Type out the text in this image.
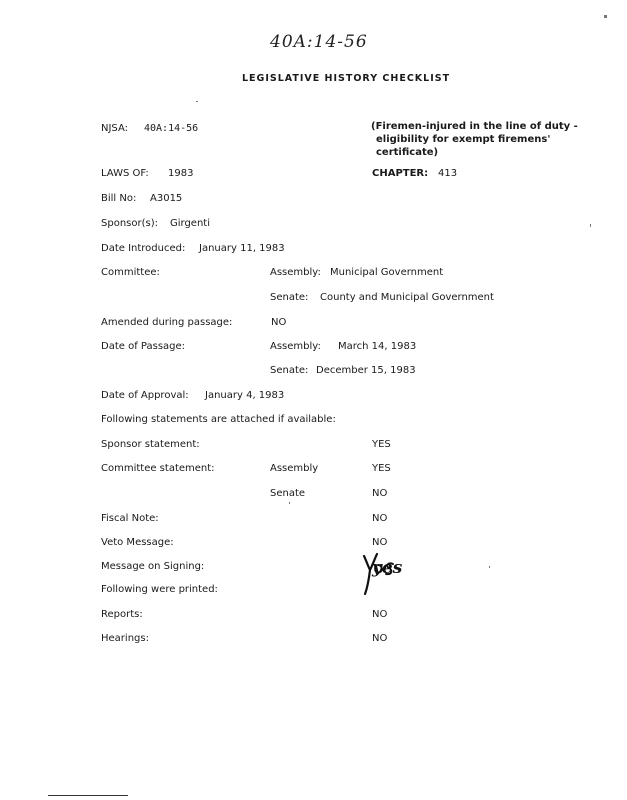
40A:14-56
LEGISLATIVE HISTORY CHECKLIST
NJSA: 40A:14-56	(Firemen-injured in the line of duty -
eligibility for exempt firemens'
certificate)
LAWS OF: 1983	CHAPTER: 413
Bill No: A3015
Sponsor(s): Girgenti
Date Introduced: January 11, 1983
Committee:	Assembly: Municipal Government
Senate: County and Municipal Government
Amended during passage:	NO
Date of Passage:	Assembly: March 14, 1983
Senate: December 15, 1983
Date of Approval: January 4, 1983
Following statements are attached if available:
Sponsor statement:	YES
Committee statement:	Assembly	YES
Senate	NO
Fiscal Note:	NO
Veto Message:	NO
Message on Signing:	yes
Following were printed:
Reports:	NO
Hearings:	NO
